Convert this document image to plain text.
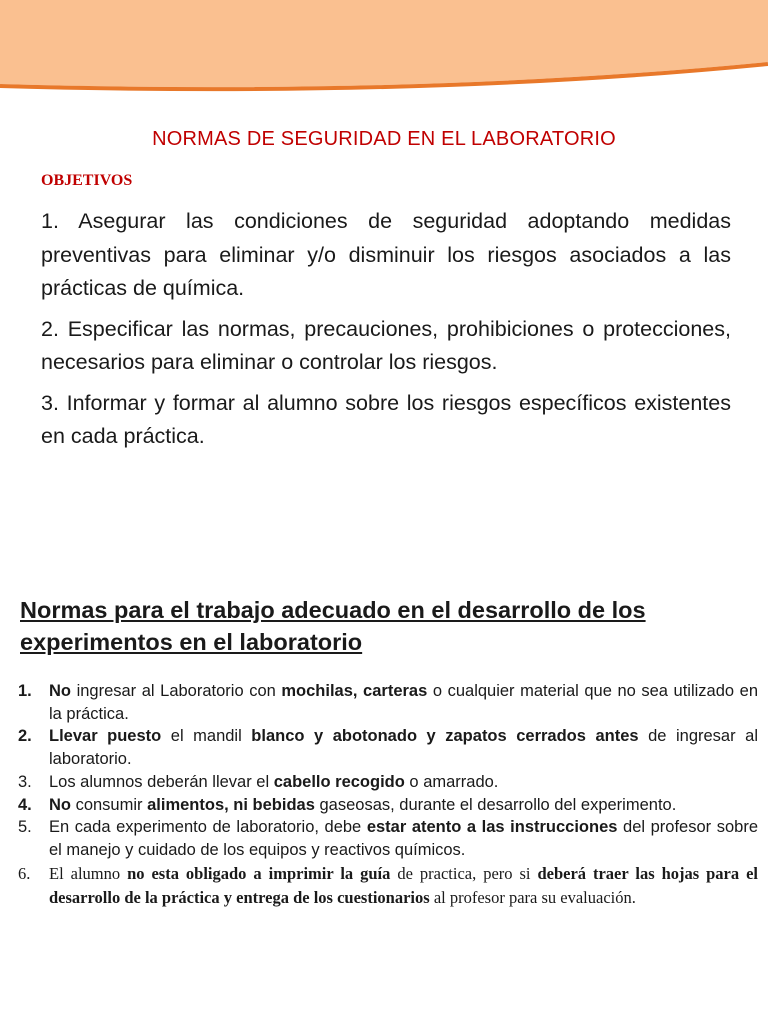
NORMAS DE SEGURIDAD EN EL LABORATORIO
OBJETIVOS

1. Asegurar las condiciones de seguridad adoptando medidas preventivas para eliminar y/o disminuir los riesgos asociados a las prácticas de química.

2. Especificar las normas, precauciones, prohibiciones o protecciones, necesarios para eliminar o controlar los riesgos.

3. Informar y formar al alumno sobre los riesgos específicos existentes en cada práctica.

Normas para el trabajo adecuado en el desarrollo de los experimentos en el laboratorio
1.	No ingresar al Laboratorio con mochilas, carteras o cualquier material que no sea utilizado en la práctica.
2.	Llevar puesto el mandil blanco y abotonado y zapatos cerrados antes de ingresar al laboratorio.
3.	Los alumnos deberán llevar el cabello recogido o amarrado.
4.	No consumir alimentos, ni bebidas gaseosas, durante el desarrollo del experimento.
5.	En cada experimento de laboratorio, debe estar atento a las instrucciones del profesor sobre el manejo y cuidado de los equipos y reactivos químicos.
6.	El alumno no esta obligado a imprimir la guía de practica, pero si deberá traer las hojas para el desarrollo de la práctica y entrega de los cuestionarios al profesor para su evaluación.
